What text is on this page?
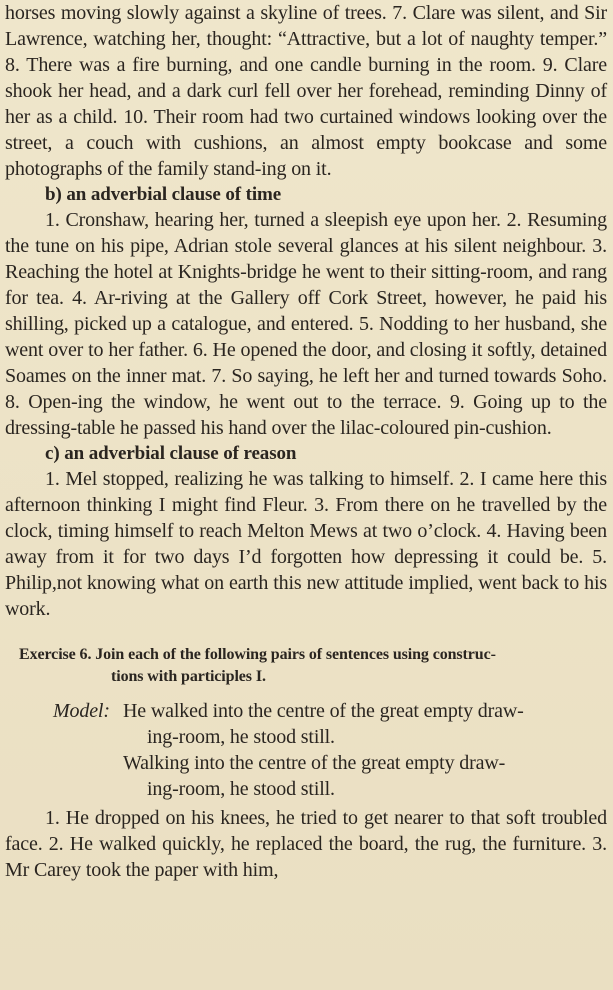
horses moving slowly against a skyline of trees. 7. Clare was silent, and Sir Lawrence, watching her, thought: “Attractive, but a lot of naughty temper.” 8. There was a fire burning, and one candle burning in the room. 9. Clare shook her head, and a dark curl fell over her forehead, reminding Dinny of her as a child. 10. Their room had two curtained windows looking over the street, a couch with cushions, an almost empty bookcase and some photographs of the family stand-ing on it.

b) an adverbial clause of time

1. Cronshaw, hearing her, turned a sleepish eye upon her. 2. Resuming the tune on his pipe, Adrian stole several glances at his silent neighbour. 3. Reaching the hotel at Knights-bridge he went to their sitting-room, and rang for tea. 4. Ar-riving at the Gallery off Cork Street, however, he paid his shilling, picked up a catalogue, and entered. 5. Nodding to her husband, she went over to her father. 6. He opened the door, and closing it softly, detained Soames on the inner mat. 7. So saying, he left her and turned towards Soho. 8. Open-ing the window, he went out to the terrace. 9. Going up to the dressing-table he passed his hand over the lilac-coloured pin-cushion.

c) an adverbial clause of reason

1. Mel stopped, realizing he was talking to himself. 2. I came here this afternoon thinking I might find Fleur. 3. From there on he travelled by the clock, timing himself to reach Melton Mews at two o’clock. 4. Having been away from it for two days I’d forgotten how depressing it could be. 5. Philip,not knowing what on earth this new attitude implied, went back to his work.

Exercise 6. Join each of the following pairs of sentences using construc-
tions with participles I.
Model: He walked into the centre of the great empty draw-
ing-room, he stood still.
Walking into the centre of the great empty draw-
ing-room, he stood still.

1. He dropped on his knees, he tried to get nearer to that soft troubled face. 2. He walked quickly, he replaced the board, the rug, the furniture. 3. Mr Carey took the paper with him,
